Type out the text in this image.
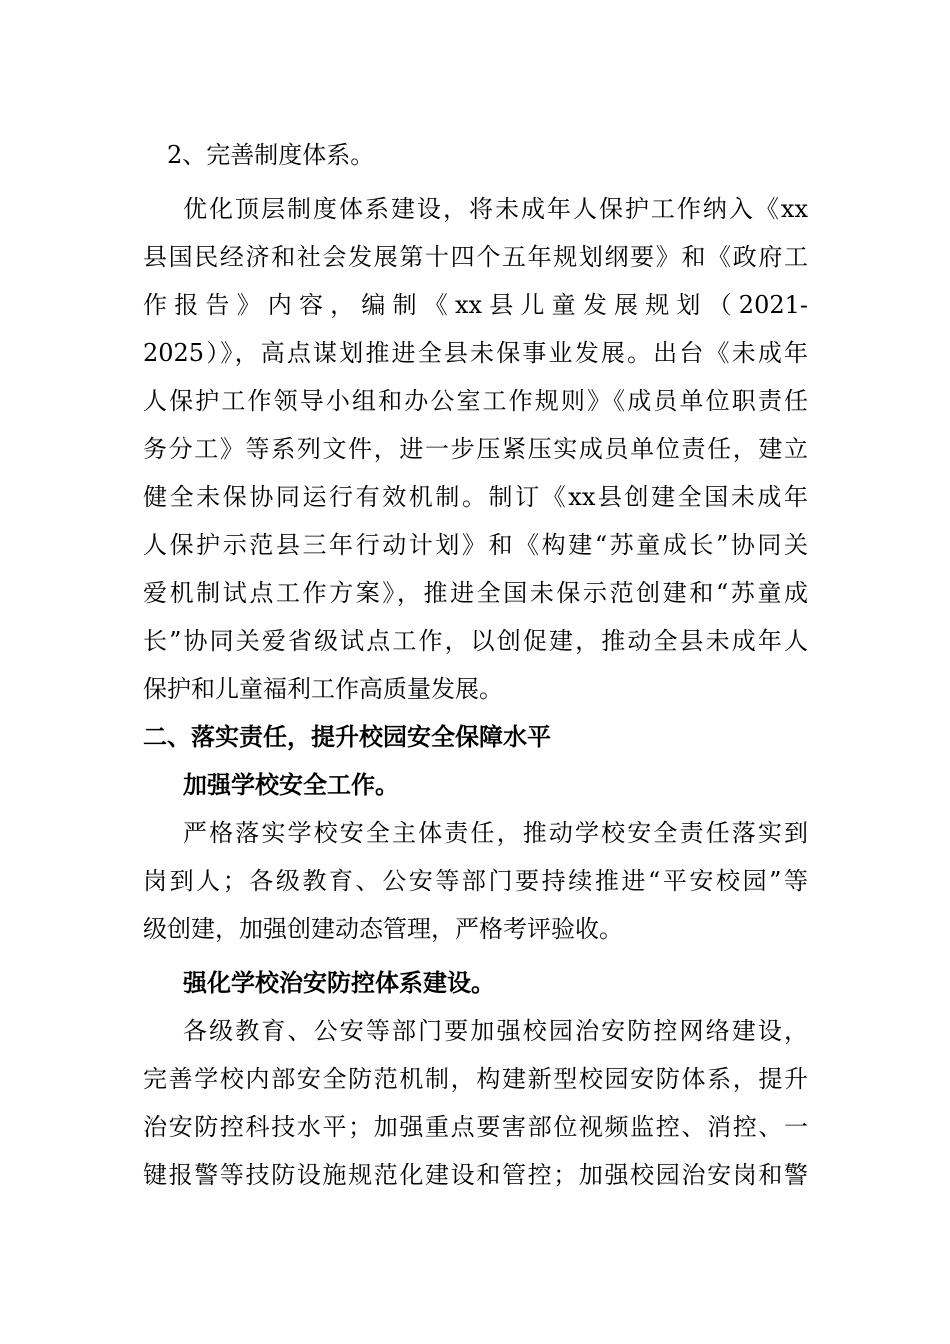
2、完善制度体系。
优化顶层制度体系建设，将未成年人保护工作纳入《xx
县国民经济和社会发展第十四个五年规划纲要》和《政府工
作报告》内容，编制《xx县儿童发展规划（2021-
2025）》，高点谋划推进全县未保事业发展。出台《未成年
人保护工作领导小组和办公室工作规则》《成员单位职责任
务分工》等系列文件，进一步压紧压实成员单位责任，建立
健全未保协同运行有效机制。制订《xx县创建全国未成年
人保护示范县三年行动计划》和《构建“苏童成长”协同关
爱机制试点工作方案》，推进全国未保示范创建和“苏童成
长”协同关爱省级试点工作，以创促建，推动全县未成年人
保护和儿童福利工作高质量发展。
二、落实责任，提升校园安全保障水平
加强学校安全工作。
严格落实学校安全主体责任，推动学校安全责任落实到
岗到人；各级教育、公安等部门要持续推进“平安校园”等
级创建，加强创建动态管理，严格考评验收。
强化学校治安防控体系建设。
各级教育、公安等部门要加强校园治安防控网络建设，
完善学校内部安全防范机制，构建新型校园安防体系，提升
治安防控科技水平；加强重点要害部位视频监控、消控、一
键报警等技防设施规范化建设和管控；加强校园治安岗和警
